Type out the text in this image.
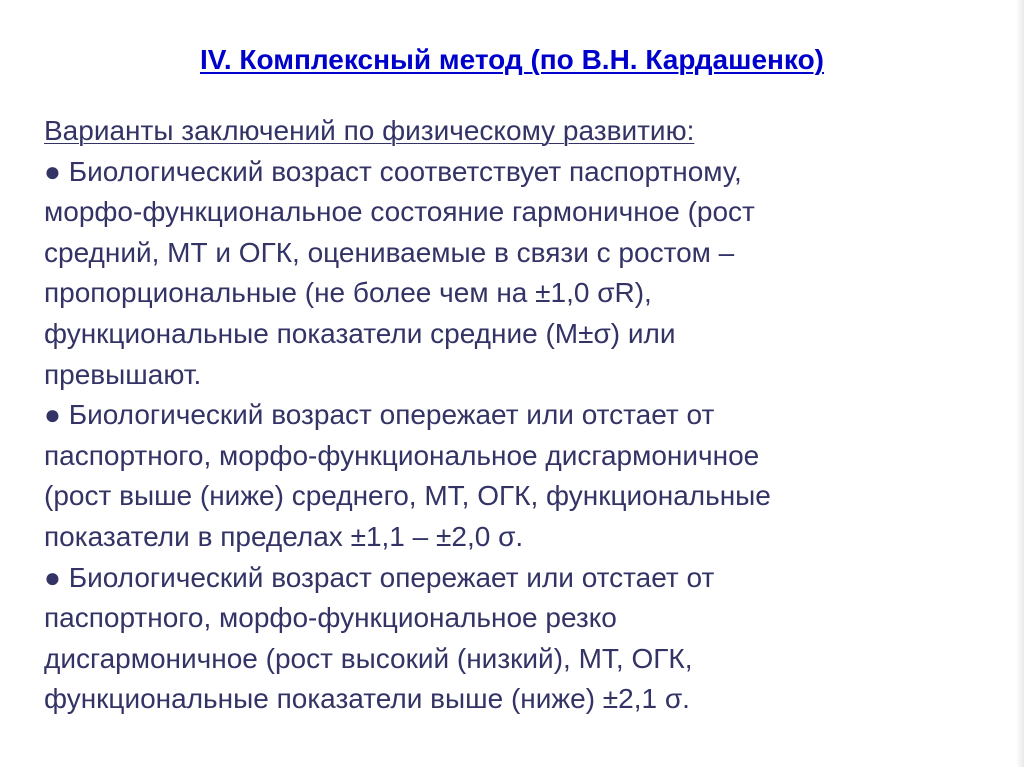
IV. Комплексный метод (по В.Н. Кардашенко)
Варианты заключений по физическому развитию:
● Биологический возраст соответствует паспортному,
морфо-функциональное состояние гармоничное (рост
средний, МТ и ОГК, оцениваемые в связи с ростом –
пропорциональные (не более чем на ±1,0 σR),
функциональные показатели средние (М±σ) или
превышают.
● Биологический возраст опережает или отстает от
паспортного, морфо-функциональное дисгармоничное
(рост выше (ниже) среднего, МТ, ОГК, функциональные
показатели в пределах ±1,1 – ±2,0 σ.
● Биологический возраст опережает или отстает от
паспортного, морфо-функциональное резко
дисгармоничное (рост высокий (низкий), МТ, ОГК,
функциональные показатели выше (ниже) ±2,1 σ.
